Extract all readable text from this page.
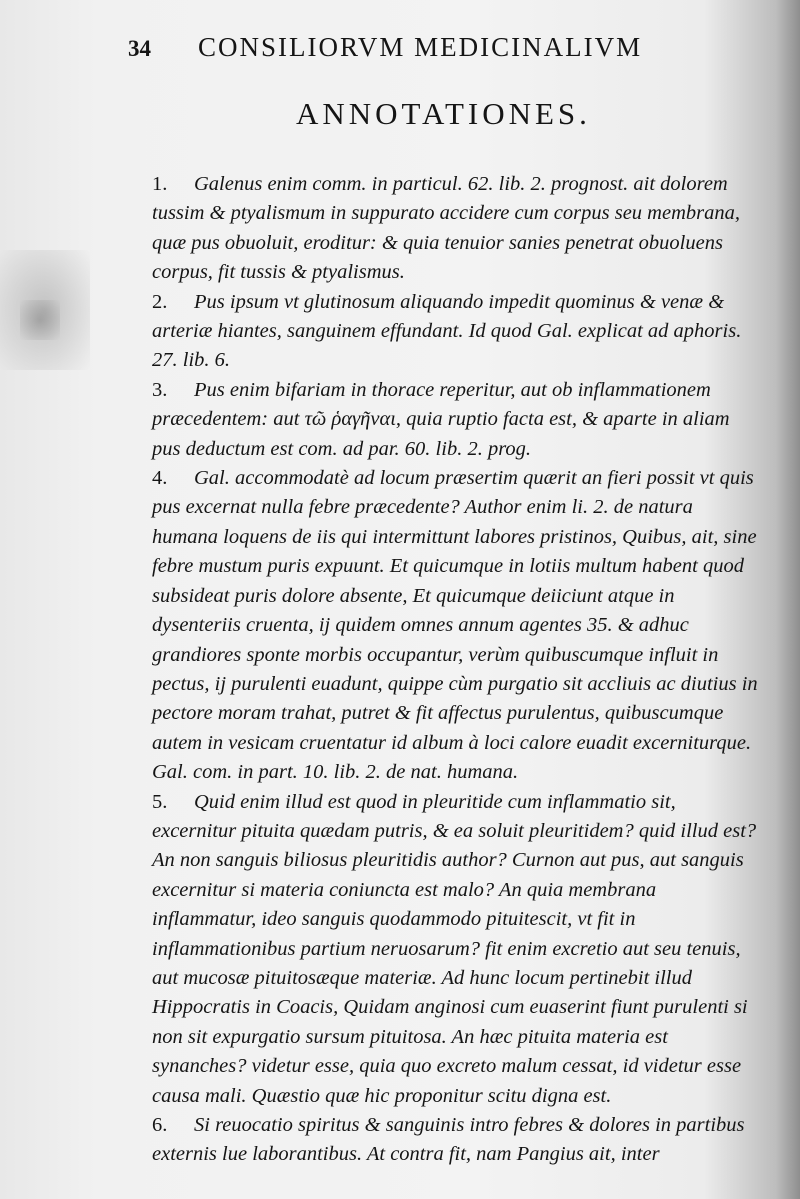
34 CONSILIORVM MEDICINALIVM
ANNOTATIONES.

1. Galenus enim comm. in particul. 62. lib. 2. prognost. ait dolorem tussim & ptyalismum in suppurato accidere cum corpus seu membrana, quæ pus obuoluit, eroditur: & quia tenuior sanies penetrat obuoluens corpus, fit tussis & ptyalismus.

2. Pus ipsum vt glutinosum aliquando impedit quominus & venæ & arteriæ hiantes, sanguinem effundant. Id quod Gal. explicat ad aphoris. 27. lib. 6.

3. Pus enim bifariam in thorace reperitur, aut ob inflammationem præcedentem: aut τῶ ῥαγῆναι, quia ruptio facta est, & aparte in aliam pus deductum est com. ad par. 60. lib. 2. prog.

4. Gal. accommodatè ad locum præsertim quærit an fieri possit vt quis pus excernat nulla febre præcedente? Author enim li. 2. de natura humana loquens de iis qui intermittunt labores pristinos, Quibus, ait, sine febre mustum puris expuunt. Et quicumque in lotiis multum habent quod subsideat puris dolore absente, Et quicumque deiiciunt atque in dysenteriis cruenta, ij quidem omnes annum agentes 35. & adhuc grandiores sponte morbis occupantur, verùm quibuscumque influit in pectus, ij purulenti euadunt, quippe cùm purgatio sit accliuis ac diutius in pectore moram trahat, putret & fit affectus purulentus, quibuscumque autem in vesicam cruentatur id album à loci calore euadit excerniturque. Gal. com. in part. 10. lib. 2. de nat. humana.

5. Quid enim illud est quod in pleuritide cum inflammatio sit, excernitur pituita quædam putris, & ea soluit pleuritidem? quid illud est? An non sanguis biliosus pleuritidis author? Curnon aut pus, aut sanguis excernitur si materia coniuncta est malo? An quia membrana inflammatur, ideo sanguis quodammodo pituitescit, vt fit in inflammationibus partium neruosarum? fit enim excretio aut seu tenuis, aut mucosæ pituitosæque materiæ. Ad hunc locum pertinebit illud Hippocratis in Coacis, Quidam anginosi cum euaserint fiunt purulenti si non sit expurgatio sursum pituitosa. An hæc pituita materia est synanches? videtur esse, quia quo excreto malum cessat, id videtur esse causa mali. Quæstio quæ hic proponitur scitu digna est.

6. Si reuocatio spiritus & sanguinis intro febres & dolores in partibus externis lue laborantibus. At contra fit, nam Pangius ait, inter
